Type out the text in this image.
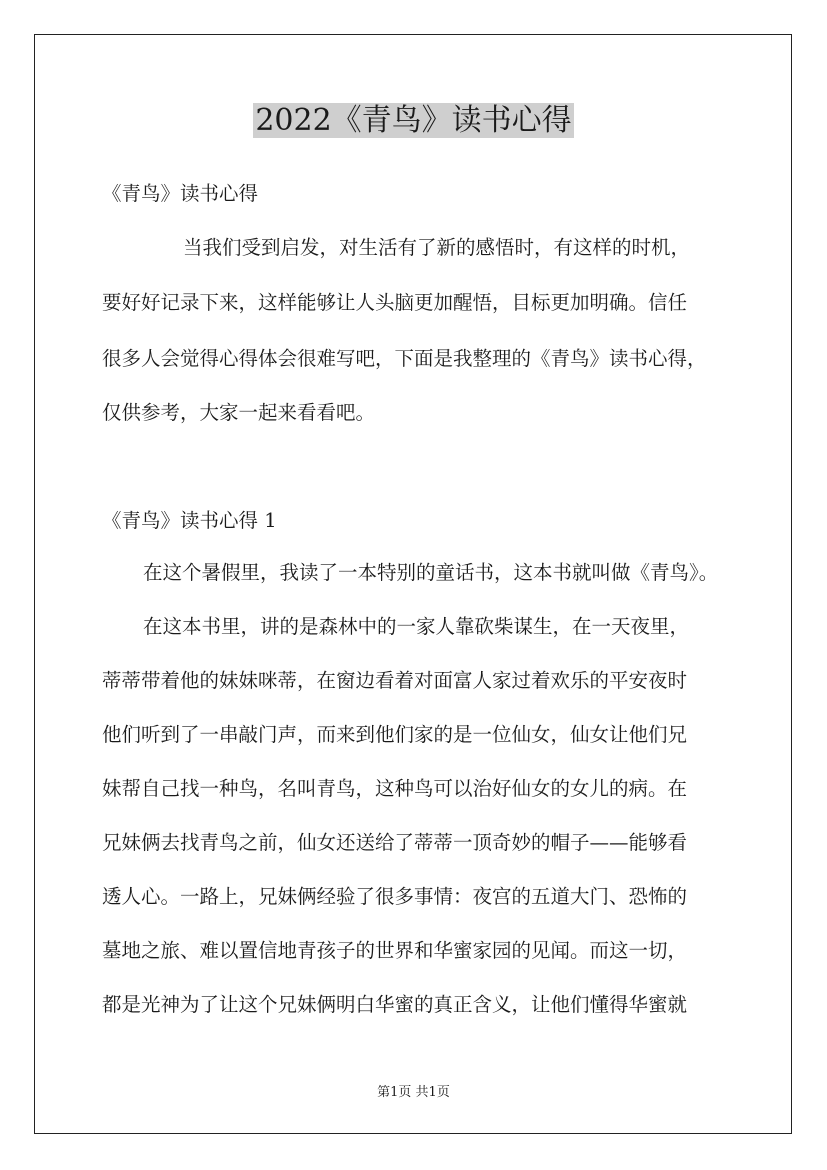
2022《青鸟》读书心得

《青鸟》读书心得

当我们受到启发，对生活有了新的感悟时，有这样的时机，

要好好记录下来，这样能够让人头脑更加醒悟，目标更加明确。信任

很多人会觉得心得体会很难写吧，下面是我整理的《青鸟》读书心得，

仅供参考，大家一起来看看吧。

《青鸟》读书心得 1

在这个暑假里，我读了一本特别的童话书，这本书就叫做《青鸟》。

在这本书里，讲的是森林中的一家人靠砍柴谋生，在一天夜里，

蒂蒂带着他的妹妹咪蒂，在窗边看着对面富人家过着欢乐的平安夜时

他们听到了一串敲门声，而来到他们家的是一位仙女，仙女让他们兄

妹帮自己找一种鸟，名叫青鸟，这种鸟可以治好仙女的女儿的病。在

兄妹俩去找青鸟之前，仙女还送给了蒂蒂一顶奇妙的帽子——能够看

透人心。一路上，兄妹俩经验了很多事情：夜宫的五道大门、恐怖的

墓地之旅、难以置信地青孩子的世界和华蜜家园的见闻。而这一切，

都是光神为了让这个兄妹俩明白华蜜的真正含义，让他们懂得华蜜就

第1页 共1页
